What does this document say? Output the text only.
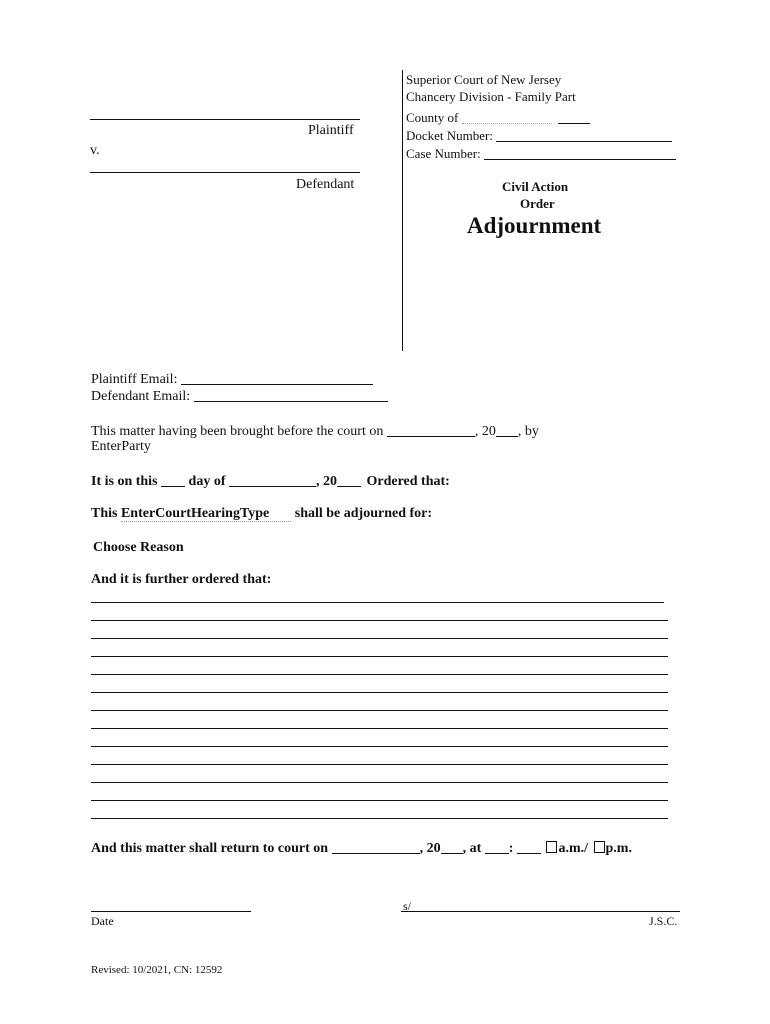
Plaintiff
v.
Defendant
Superior Court of New Jersey
Chancery Division - Family Part
County of
Docket Number:
Case Number:
Civil Action
Order
Adjournment
Plaintiff Email:
Defendant Email:
This matter having been brought before the court on	, 20 , by
EnterParty
It is on this day of	, 20 Ordered that:
This EnterCourtHearingType shall be adjourned for:
Choose Reason
And it is further ordered that:
And this matter shall return to court on	, 20 , at :	a.m./ p.m.
Date
s/
J.S.C.
Revised: 10/2021, CN: 12592
